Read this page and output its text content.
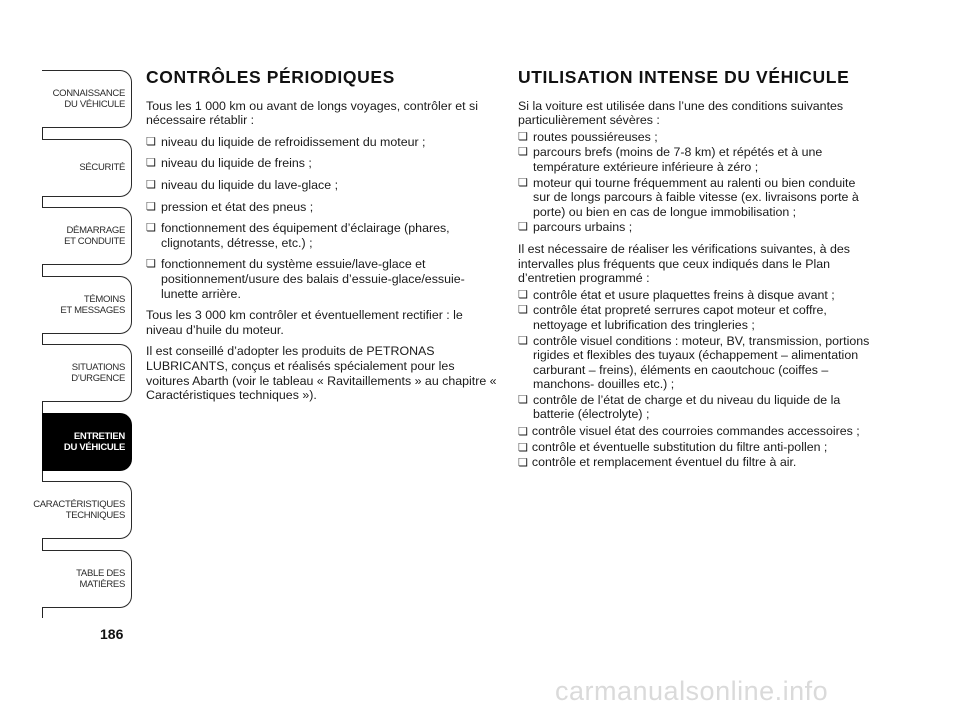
CONNAISSANCE
DU VÉHICULE
SÉCURITÉ
DÉMARRAGE
ET CONDUITE
TÉMOINS
ET MESSAGES
SITUATIONS
D’URGENCE
ENTRETIEN
DU VÉHICULE
CARACTÉRISTIQUES
TECHNIQUES
TABLE DES
MATIÈRES
186
CONTRÔLES PÉRIODIQUES

Tous les 1 000 km ou avant de longs voyages, contrôler et si nécessaire rétablir :

❏ niveau du liquide de refroidissement du moteur ;
❏ niveau du liquide de freins ;
❏ niveau du liquide du lave-glace ;
❏ pression et état des pneus ;
❏ fonctionnement des équipement d’éclairage (phares, clignotants, détresse, etc.) ;
❏ fonctionnement du système essuie/lave-glace et positionnement/usure des balais d’essuie-glace/essuie-lunette arrière.

Tous les 3 000 km contrôler et éventuellement rectifier : le niveau d’huile du moteur.

Il est conseillé d’adopter les produits de PETRONAS LUBRICANTS, conçus et réalisés spécialement pour les voitures Abarth (voir le tableau « Ravitaillements » au chapitre « Caractéristiques techniques »).

UTILISATION INTENSE DU VÉHICULE

Si la voiture est utilisée dans l’une des conditions suivantes particulièrement sévères :

❏ routes poussiéreuses ;
❏ parcours brefs (moins de 7-8 km) et répétés et à une température extérieure inférieure à zéro ;
❏ moteur qui tourne fréquemment au ralenti ou bien conduite sur de longs parcours à faible vitesse (ex. livraisons porte à porte) ou bien en cas de longue immobilisation ;
❏ parcours urbains ;

Il est nécessaire de réaliser les vérifications suivantes, à des intervalles plus fréquents que ceux indiqués dans le Plan d’entretien programmé :

❏ contrôle état et usure plaquettes freins à disque avant ;
❏ contrôle état propreté serrures capot moteur et coffre, nettoyage et lubrification des tringleries ;
❏ contrôle visuel conditions : moteur, BV, transmission, portions rigides et flexibles des tuyaux (échappement – alimentation carburant – freins), éléments en caoutchouc (coiffes – manchons- douilles etc.) ;
❏ contrôle de l’état de charge et du niveau du liquide de la batterie (électrolyte) ;

❏ contrôle visuel état des courroies commandes accessoires ;

❏ contrôle et éventuelle substitution du filtre anti-pollen ;

❏ contrôle et remplacement éventuel du filtre à air.

carmanualsonline.info
